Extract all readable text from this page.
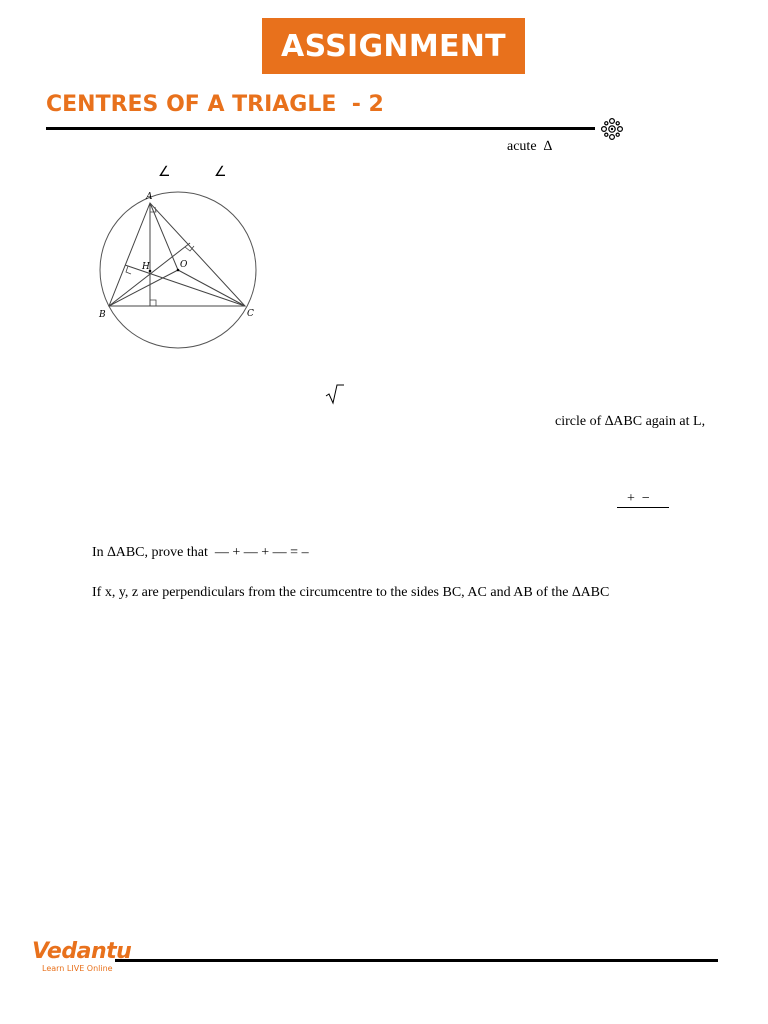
ASSIGNMENT
CENTRES OF A TRIAGLE  - 2
acute  ∆
∠	∠
A
H	O
B	C
circle of ∆ABC again at L,
+  −
In ∆ABC, prove that  — + — + — = –
If x, y, z are perpendiculars from the circumcentre to the sides BC, AC and AB of the ∆ABC
Vedantu
Learn LIVE Online
